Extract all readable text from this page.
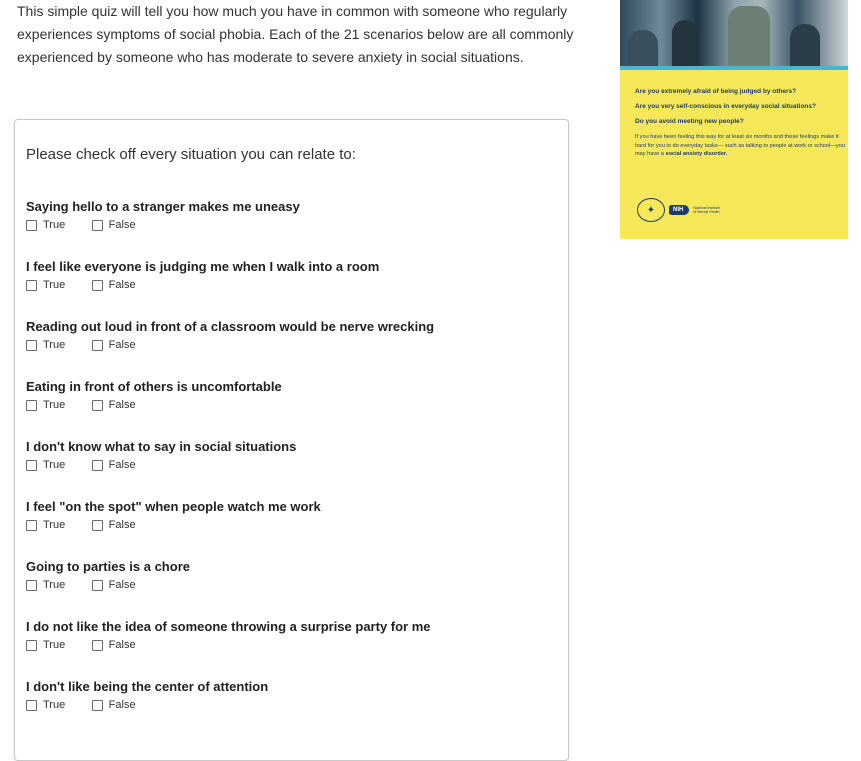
This simple quiz will tell you how much you have in common with someone who regularly experiences symptoms of social phobia. Each of the 21 scenarios below are all commonly experienced by someone who has moderate to severe anxiety in social situations.

Please check off every situation you can relate to:

Saying hello to a stranger makes me uneasy
True
	False
I feel like everyone is judging me when I walk into a room
True
	False
Reading out loud in front of a classroom would be nerve wrecking
True
	False
Eating in front of others is uncomfortable
True
	False
I don't know what to say in social situations
True
	False
I feel "on the spot" when people watch me work
True
	False
Going to parties is a chore
True
	False
I do not like the idea of someone throwing a surprise party for me
True
	False
I don't like being the center of attention
True
	False

Are you extremely afraid of being judged by others?

Are you very self-conscious in everyday social situations?

Do you avoid meeting new people?

If you have been feeling this way for at least six months and these feelings make it hard for you to do everyday tasks— such as talking to people at work or school—you may have a social anxiety disorder.

✦	NIH	National Institute of Mental Health
